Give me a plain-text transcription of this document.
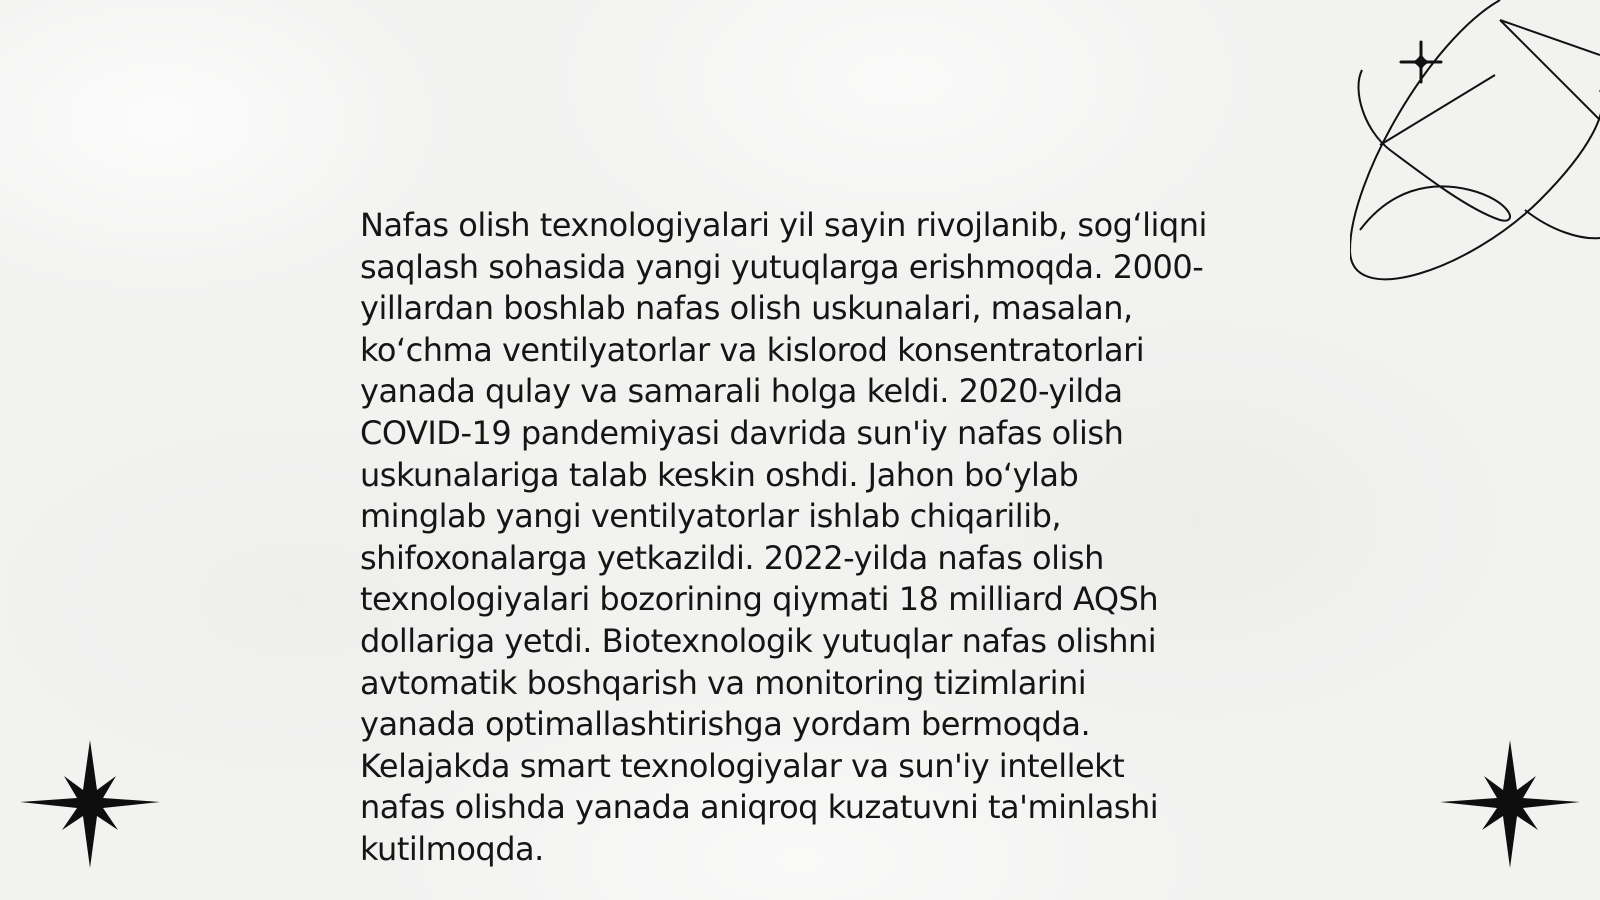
Nafas olish texnologiyalari yil sayin rivojlanib, sog‘liqni
saqlash sohasida yangi yutuqlarga erishmoqda. 2000-
yillardan boshlab nafas olish uskunalari, masalan,
ko‘chma ventilyatorlar va kislorod konsentratorlari
yanada qulay va samarali holga keldi. 2020-yilda
COVID-19 pandemiyasi davrida sun'iy nafas olish
uskunalariga talab keskin oshdi. Jahon bo‘ylab
minglab yangi ventilyatorlar ishlab chiqarilib,
shifoxonalarga yetkazildi. 2022-yilda nafas olish
texnologiyalari bozorining qiymati 18 milliard AQSh
dollariga yetdi. Biotexnologik yutuqlar nafas olishni
avtomatik boshqarish va monitoring tizimlarini
yanada optimallashtirishga yordam bermoqda.
Kelajakda smart texnologiyalar va sun'iy intellekt
nafas olishda yanada aniqroq kuzatuvni ta'minlashi
kutilmoqda.
